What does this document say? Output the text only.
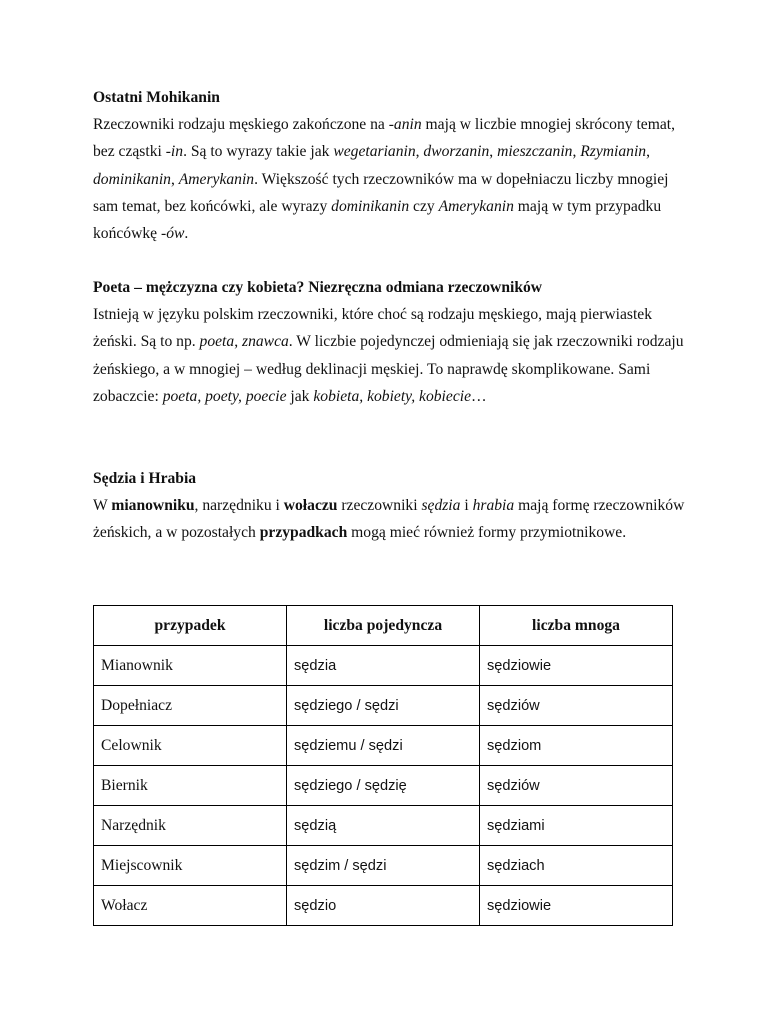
Ostatni Mohikanin

Rzeczowniki rodzaju męskiego zakończone na -anin mają w liczbie mnogiej skrócony temat, bez cząstki -in. Są to wyrazy takie jak wegetarianin, dworzanin, mieszczanin, Rzymianin, dominikanin, Amerykanin. Większość tych rzeczowników ma w dopełniaczu liczby mnogiej sam temat, bez końcówki, ale wyrazy dominikanin czy Amerykanin mają w tym przypadku końcówkę -ów.

Poeta – mężczyzna czy kobieta? Niezręczna odmiana rzeczowników

Istnieją w języku polskim rzeczowniki, które choć są rodzaju męskiego, mają pierwiastek żeński. Są to np. poeta, znawca. W liczbie pojedynczej odmieniają się jak rzeczowniki rodzaju żeńskiego, a w mnogiej – według deklinacji męskiej. To naprawdę skomplikowane. Sami zobaczcie: poeta, poety, poecie jak kobieta, kobiety, kobiecie…

Sędzia i Hrabia

W mianowniku, narzędniku i wołaczu rzeczowniki sędzia i hrabia mają formę rzeczowników żeńskich, a w pozostałych przypadkach mogą mieć również formy przymiotnikowe.

przypadek	liczba pojedyncza	liczba mnoga
Mianownik	sędzia	sędziowie
Dopełniacz	sędziego / sędzi	sędziów
Celownik	sędziemu / sędzi	sędziom
Biernik	sędziego / sędzię	sędziów
Narzędnik	sędzią	sędziami
Miejscownik	sędzim / sędzi	sędziach
Wołacz	sędzio	sędziowie
